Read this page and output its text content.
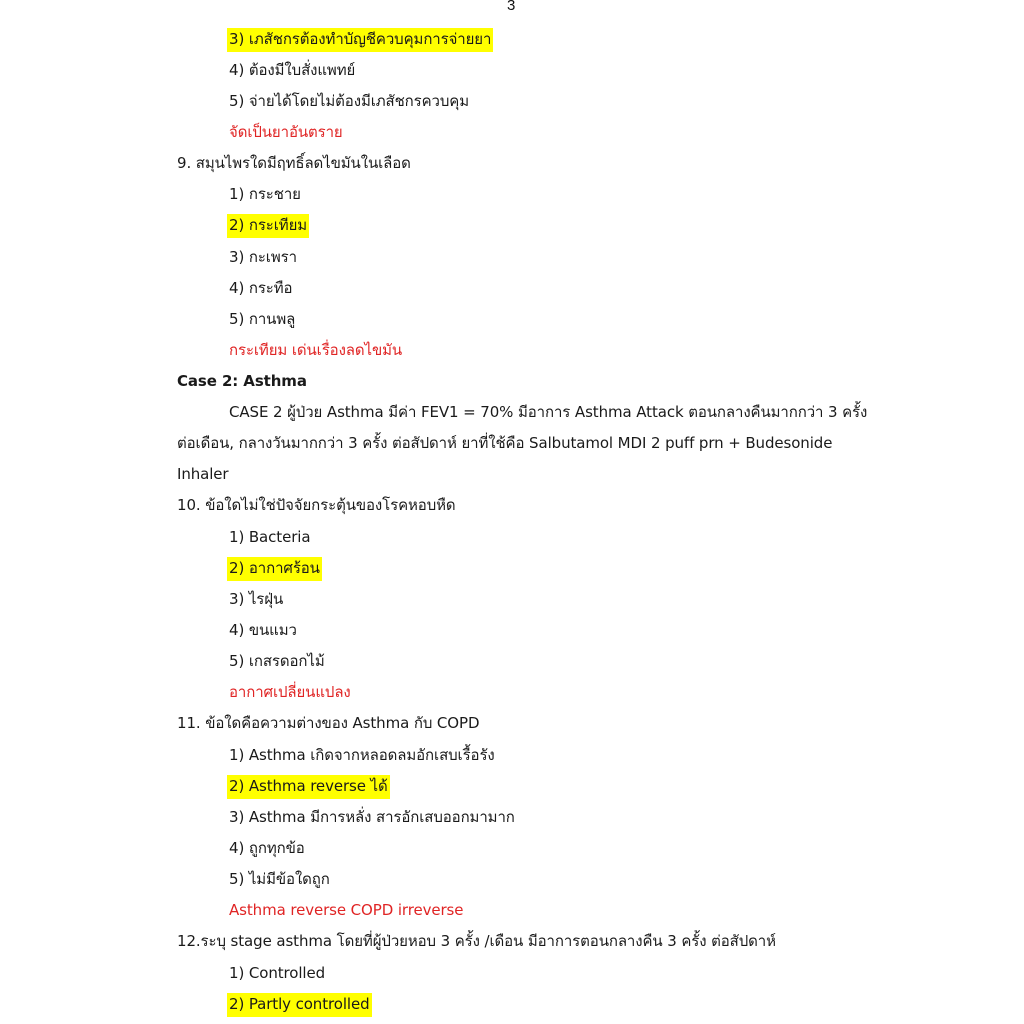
3
3) เภสัชกรต้องทำบัญชีควบคุมการจ่ายยา
4) ต้องมีใบสั่งแพทย์
5) จ่ายได้โดยไม่ต้องมีเภสัชกรควบคุม
จัดเป็นยาอันตราย
9. สมุนไพรใดมีฤทธิ์ลดไขมันในเลือด
1) กระชาย
2) กระเทียม
3) กะเพรา
4) กระทือ
5) กานพลู
กระเทียม เด่นเรื่องลดไขมัน
Case 2: Asthma
CASE 2 ผู้ป่วย Asthma มีค่า FEV1 = 70% มีอาการ Asthma Attack ตอนกลางคืนมากกว่า 3 ครั้ง
ต่อเดือน, กลางวันมากกว่า 3 ครั้ง ต่อสัปดาห์ ยาที่ใช้คือ Salbutamol MDI 2 puff prn + Budesonide
Inhaler
10. ข้อใดไม่ใช่ปัจจัยกระตุ้นของโรคหอบหืด
1) Bacteria
2) อากาศร้อน
3) ไรฝุ่น
4) ขนแมว
5) เกสรดอกไม้
อากาศเปลี่ยนแปลง
11. ข้อใดคือความต่างของ Asthma กับ COPD
1) Asthma เกิดจากหลอดลมอักเสบเรื้อรัง
2) Asthma reverse ได้
3) Asthma มีการหลั่ง สารอักเสบออกมามาก
4) ถูกทุกข้อ
5) ไม่มีข้อใดถูก
Asthma reverse COPD irreverse
12.ระบุ stage asthma โดยที่ผู้ป่วยหอบ 3 ครั้ง /เดือน มีอาการตอนกลางคืน 3 ครั้ง ต่อสัปดาห์
1) Controlled
2) Partly controlled
